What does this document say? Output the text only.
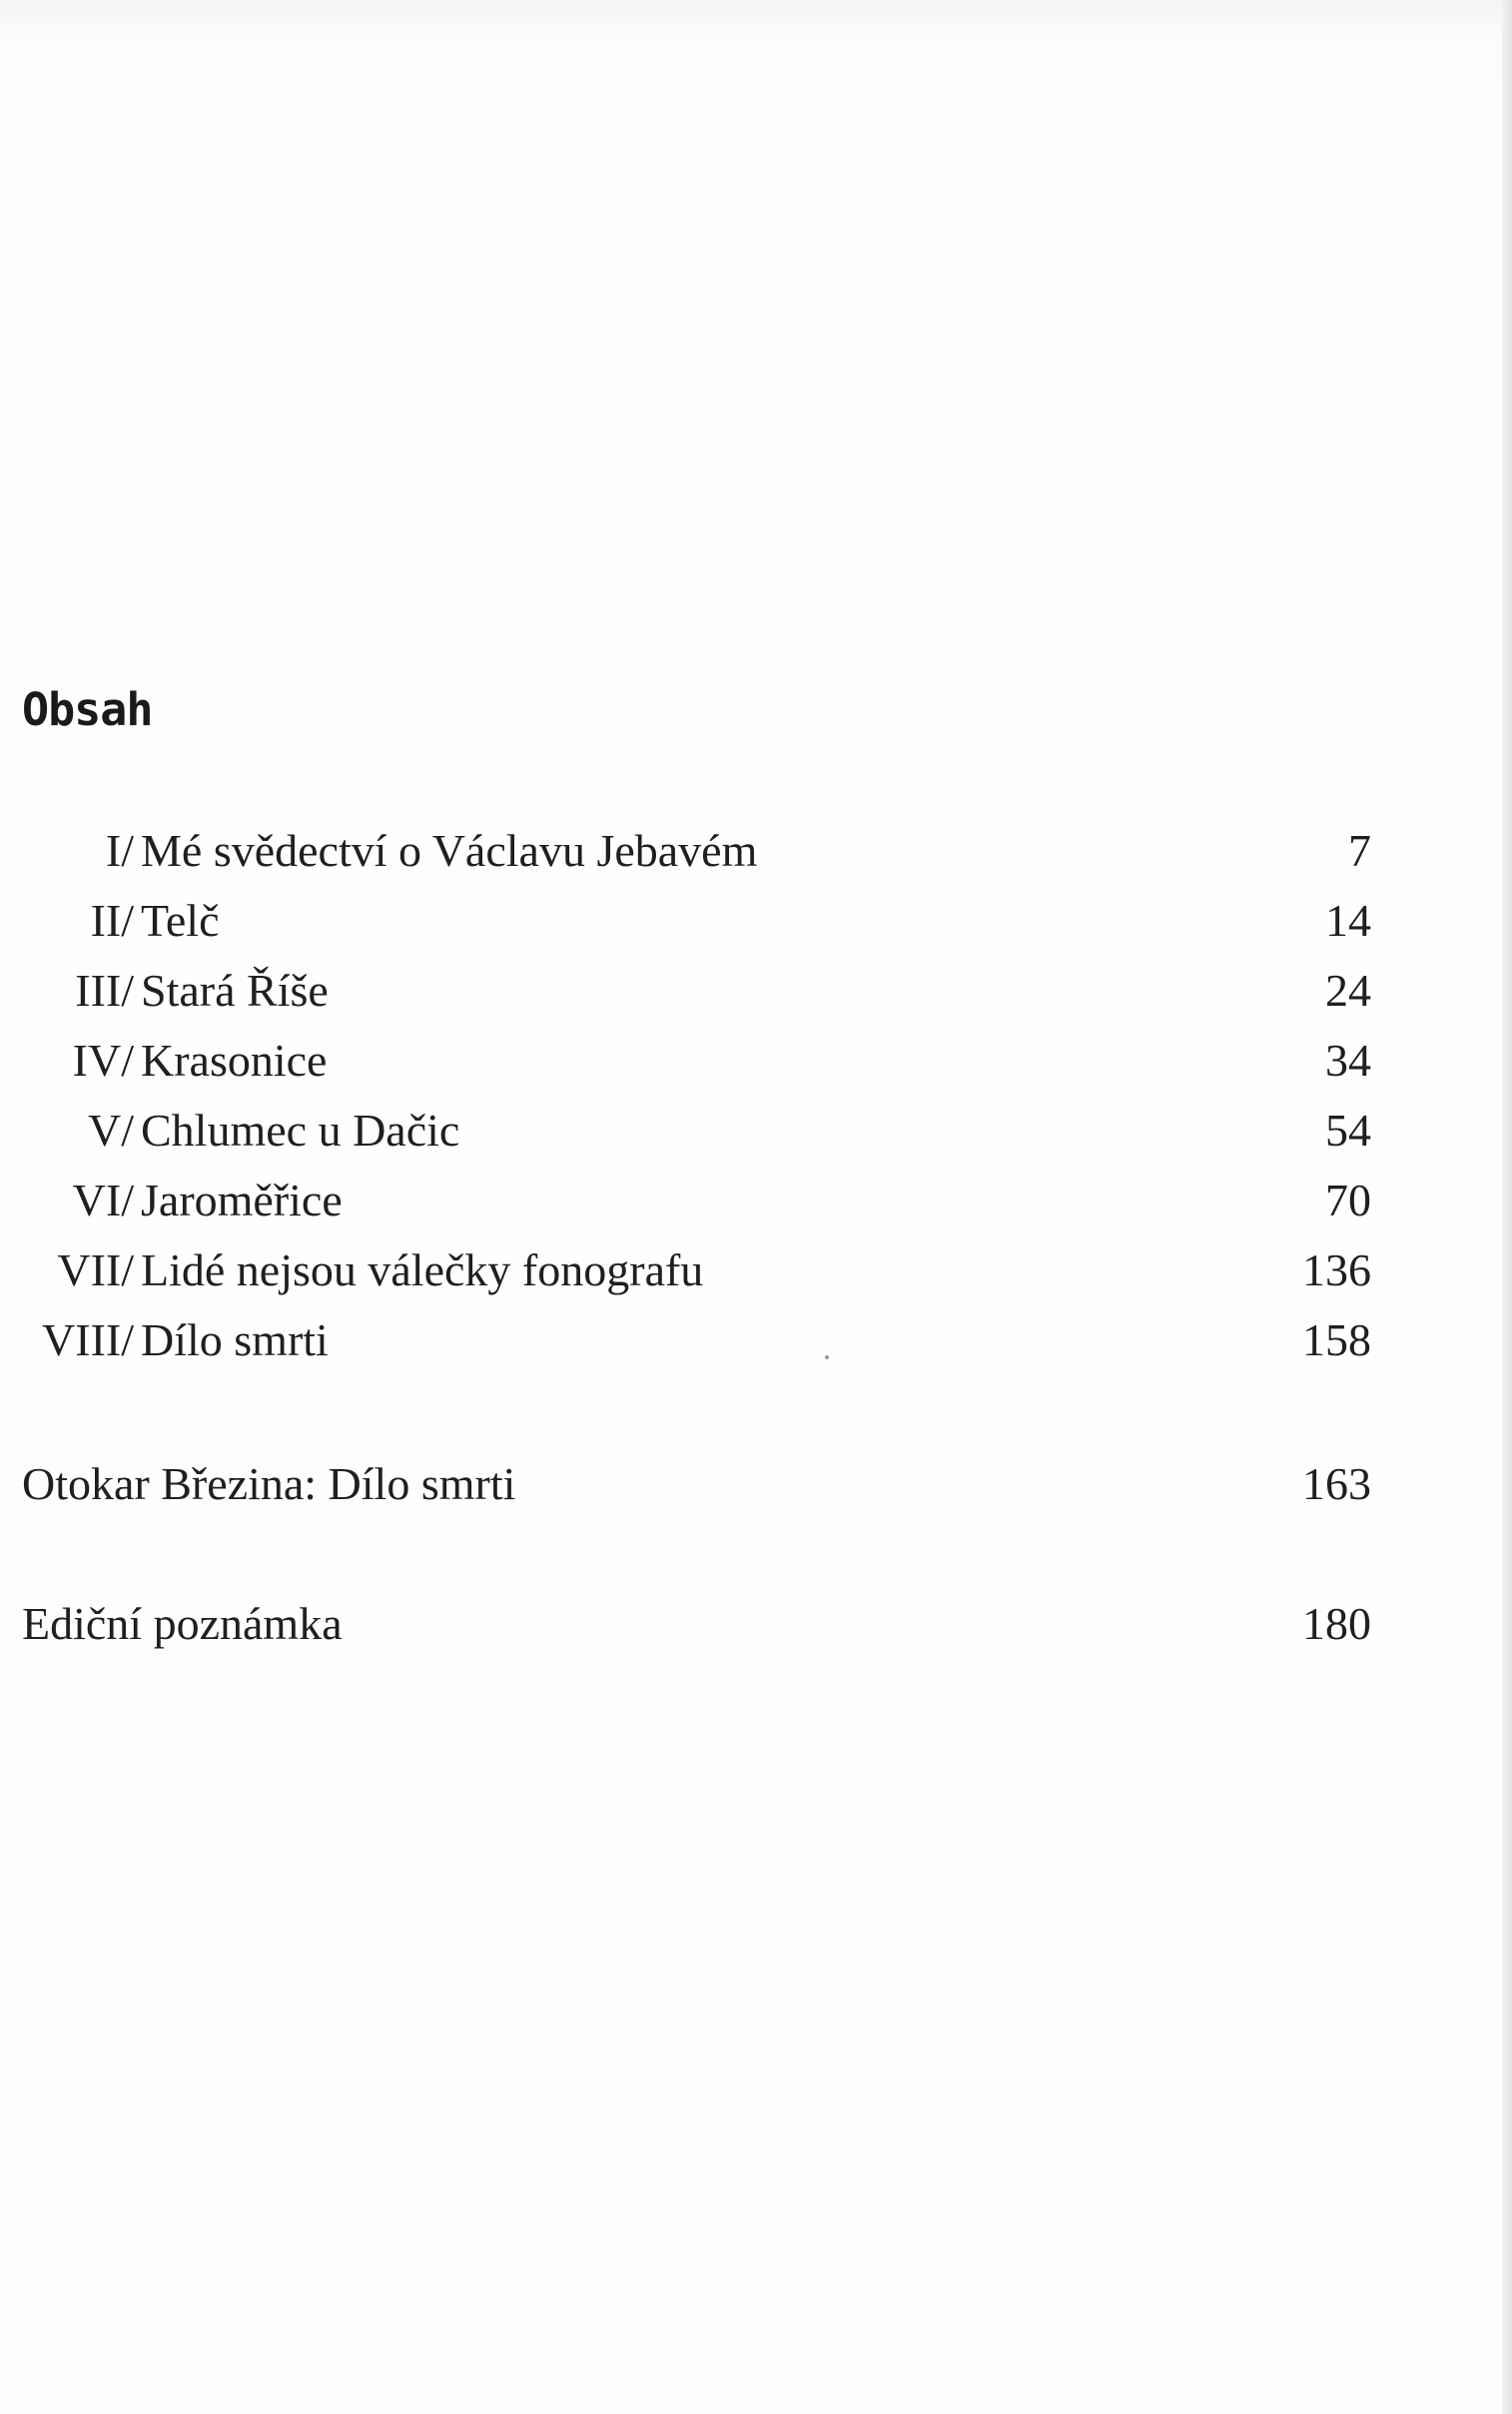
Obsah
I/ Mé svědectví o Václavu Jebavém	7
II/ Telč	14
III/ Stará Říše	24
IV/ Krasonice	34
V/ Chlumec u Dačic	54
VI/ Jaroměřice	70
VII/ Lidé nejsou válečky fonografu	136
VIII/ Dílo smrti	158
Otokar Březina: Dílo smrti	163
Ediční poznámka	180
